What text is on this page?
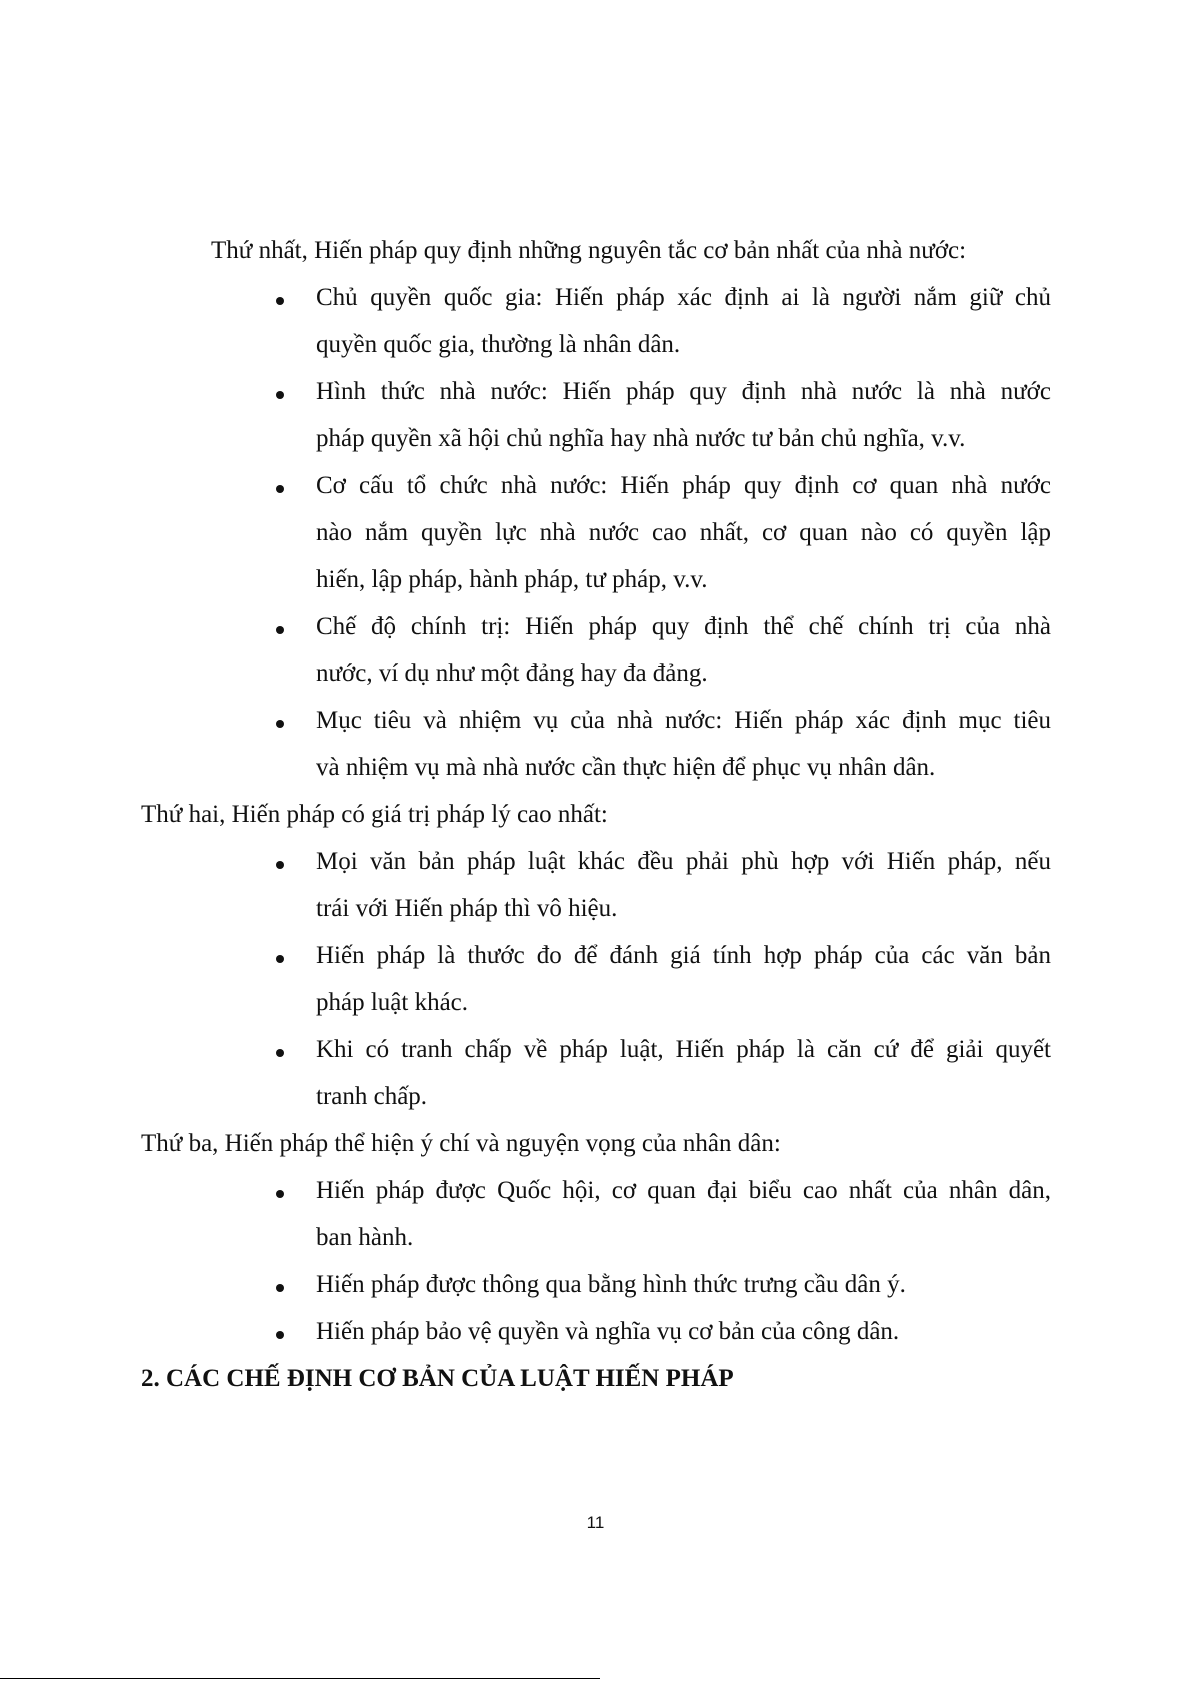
Thứ nhất, Hiến pháp quy định những nguyên tắc cơ bản nhất của nhà nước:

Chủ quyền quốc gia: Hiến pháp xác định ai là người nắm giữ chủ

quyền quốc gia, thường là nhân dân.

Hình thức nhà nước: Hiến pháp quy định nhà nước là nhà nước

pháp quyền xã hội chủ nghĩa hay nhà nước tư bản chủ nghĩa, v.v.

Cơ cấu tổ chức nhà nước: Hiến pháp quy định cơ quan nhà nước

nào nắm quyền lực nhà nước cao nhất, cơ quan nào có quyền lập

hiến, lập pháp, hành pháp, tư pháp, v.v.

Chế độ chính trị: Hiến pháp quy định thể chế chính trị của nhà

nước, ví dụ như một đảng hay đa đảng.

Mục tiêu và nhiệm vụ của nhà nước: Hiến pháp xác định mục tiêu

và nhiệm vụ mà nhà nước cần thực hiện để phục vụ nhân dân.

Thứ hai, Hiến pháp có giá trị pháp lý cao nhất:

Mọi văn bản pháp luật khác đều phải phù hợp với Hiến pháp, nếu

trái với Hiến pháp thì vô hiệu.

Hiến pháp là thước đo để đánh giá tính hợp pháp của các văn bản

pháp luật khác.

Khi có tranh chấp về pháp luật, Hiến pháp là căn cứ để giải quyết

tranh chấp.

Thứ ba, Hiến pháp thể hiện ý chí và nguyện vọng của nhân dân:

Hiến pháp được Quốc hội, cơ quan đại biểu cao nhất của nhân dân,

ban hành.

Hiến pháp được thông qua bằng hình thức trưng cầu dân ý.

Hiến pháp bảo vệ quyền và nghĩa vụ cơ bản của công dân.

2. CÁC CHẾ ĐỊNH CƠ BẢN CỦA LUẬT HIẾN PHÁP

11
